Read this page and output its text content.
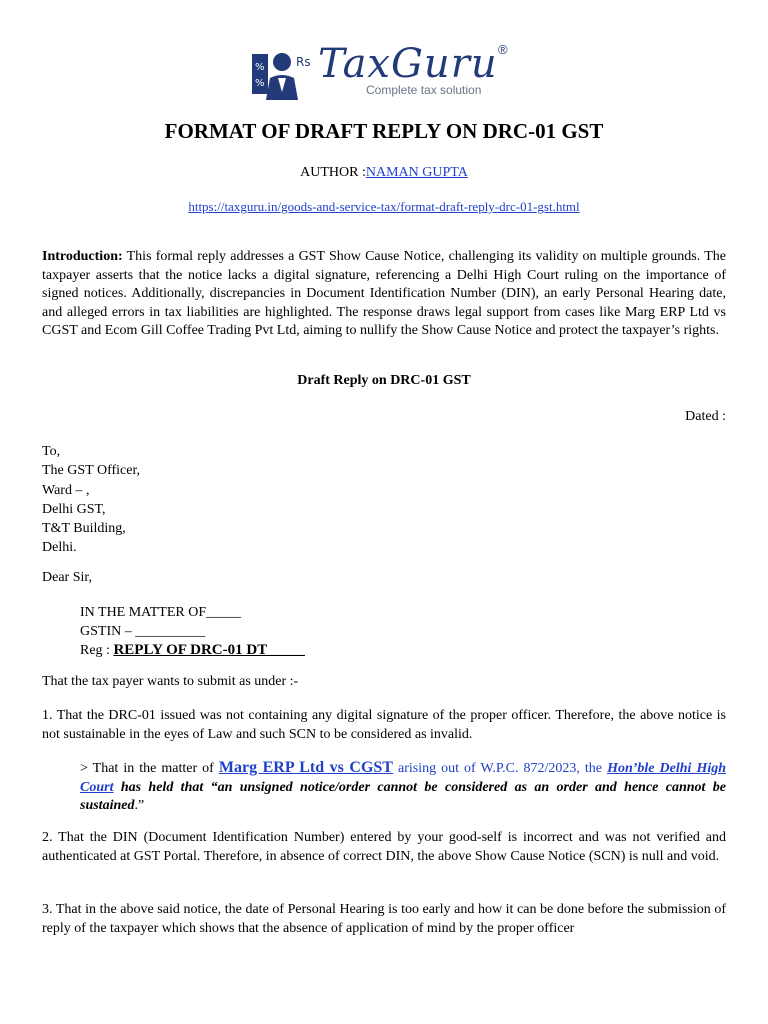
%
%
Rs TaxGuru ®
Complete tax solution
FORMAT OF DRAFT REPLY ON DRC-01 GST
AUTHOR :NAMAN GUPTA
https://taxguru.in/goods-and-service-tax/format-draft-reply-drc-01-gst.html
Introduction: This formal reply addresses a GST Show Cause Notice, challenging its validity on multiple grounds. The taxpayer asserts that the notice lacks a digital signature, referencing a Delhi High Court ruling on the importance of signed notices. Additionally, discrepancies in Document Identification Number (DIN), an early Personal Hearing date, and alleged errors in tax liabilities are highlighted. The response draws legal support from cases like Marg ERP Ltd vs CGST and Ecom Gill Coffee Trading Pvt Ltd, aiming to nullify the Show Cause Notice and protect the taxpayer’s rights.
Draft Reply on DRC-01 GST
Dated :
To,
The GST Officer,
Ward – ,
Delhi GST,
T&T Building,
Delhi.
Dear Sir,
IN THE MATTER OF_____
GSTIN – __________
Reg : REPLY OF DRC-01 DT_____
That the tax payer wants to submit as under :-
1. That the DRC-01 issued was not containing any digital signature of the proper officer. Therefore, the above notice is not sustainable in the eyes of Law and such SCN to be considered as invalid.
> That in the matter of Marg ERP Ltd vs CGST arising out of W.P.C. 872/2023, the Hon’ble Delhi High Court has held that “an unsigned notice/order cannot be considered as an order and hence cannot be sustained.”
2. That the DIN (Document Identification Number) entered by your good-self is incorrect and was not verified and authenticated at GST Portal. Therefore, in absence of correct DIN, the above Show Cause Notice (SCN) is null and void.
3. That in the above said notice, the date of Personal Hearing is too early and how it can be done before the submission of reply of the taxpayer which shows that the absence of application of mind by the proper officer
